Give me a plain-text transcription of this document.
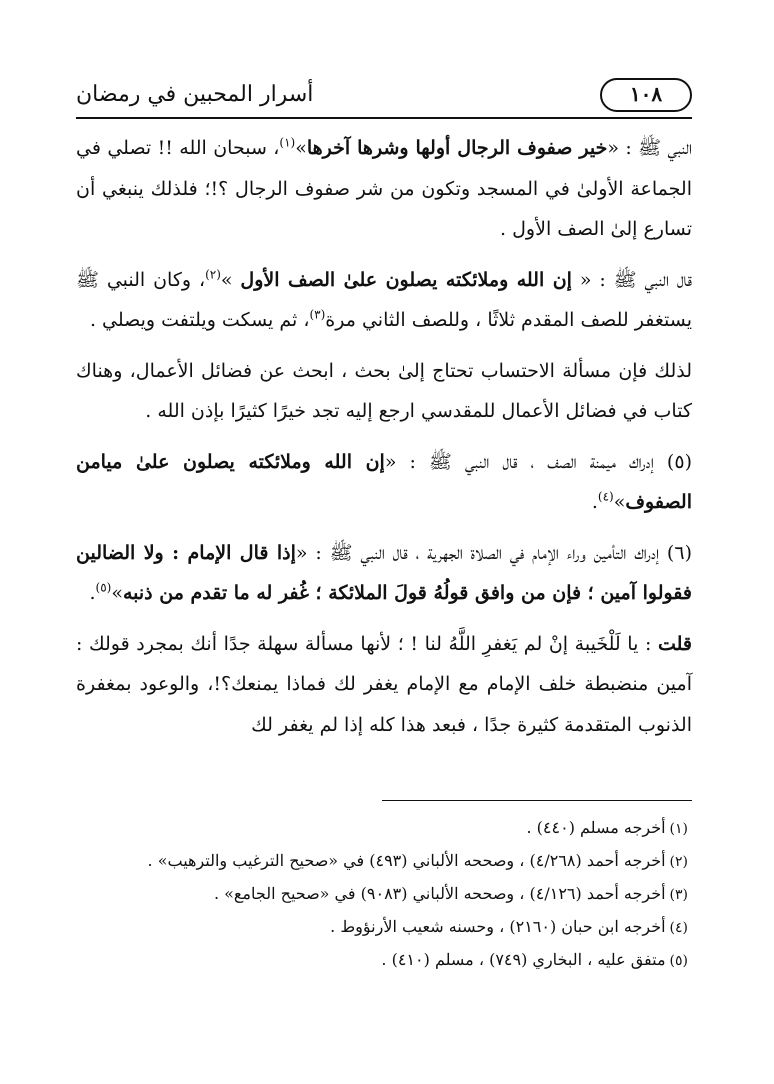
١٠٨
أسرار المحبين في رمضان

النبي ﷺ : «خير صفوف الرجال أولها وشرها آخرها»$^{(١)}$، سبحان الله !! تصلي في الجماعة الأولىٰ في المسجد وتكون من شر صفوف الرجال ؟!؛ فلذلك ينبغي أن تسارع إلىٰ الصف الأول .

قال النبي ﷺ : « إن الله وملائكته يصلون علىٰ الصف الأول »$^{(٢)}$، وكان النبي ﷺ يستغفر للصف المقدم ثلاثًا ، وللصف الثاني مرة$^{(٣)}$، ثم يسكت ويلتفت ويصلي .

لذلك فإن مسألة الاحتساب تحتاج إلىٰ بحث ، ابحث عن فضائل الأعمال، وهناك كتاب في فضائل الأعمال للمقدسي ارجع إليه تجد خيرًا كثيرًا بإذن الله .

(٥) إدراك ميمنة الصف ، قال النبي ﷺ : «إن الله وملائكته يصلون علىٰ ميامن الصفوف»$^{(٤)}$.

(٦) إدراك التأمين وراء الإمام في الصلاة الجهرية ، قال النبي ﷺ : «إذا قال الإمام : ولا الضالين فقولوا آمين ؛ فإن من وافق قولُهُ قولَ الملائكة ؛ غُفر له ما تقدم من ذنبه»$^{(٥)}$.

قلت : يا لَلْخَيبة إنْ لم يَغفرِ اللَّهُ لنا ! ؛ لأنها مسألة سهلة جدًا أنك بمجرد قولك : آمين منضبطة خلف الإمام مع الإمام يغفر لك فماذا يمنعك؟!، والوعود بمغفرة الذنوب المتقدمة كثيرة جدًا ، فبعد هذا كله إذا لم يغفر لك

(١)أخرجه مسلم (٤٤٠) .

(٢)أخرجه أحمد (٤/٢٦٨) ، وصححه الألباني (٤٩٣) في «صحيح الترغيب والترهيب» .

(٣)أخرجه أحمد (٤/١٢٦) ، وصححه الألباني (٩٠٨٣) في «صحيح الجامع» .

(٤)أخرجه ابن حبان (٢١٦٠) ، وحسنه شعيب الأرنؤوط .

(٥)متفق عليه ، البخاري (٧٤٩) ، مسلم (٤١٠) .
